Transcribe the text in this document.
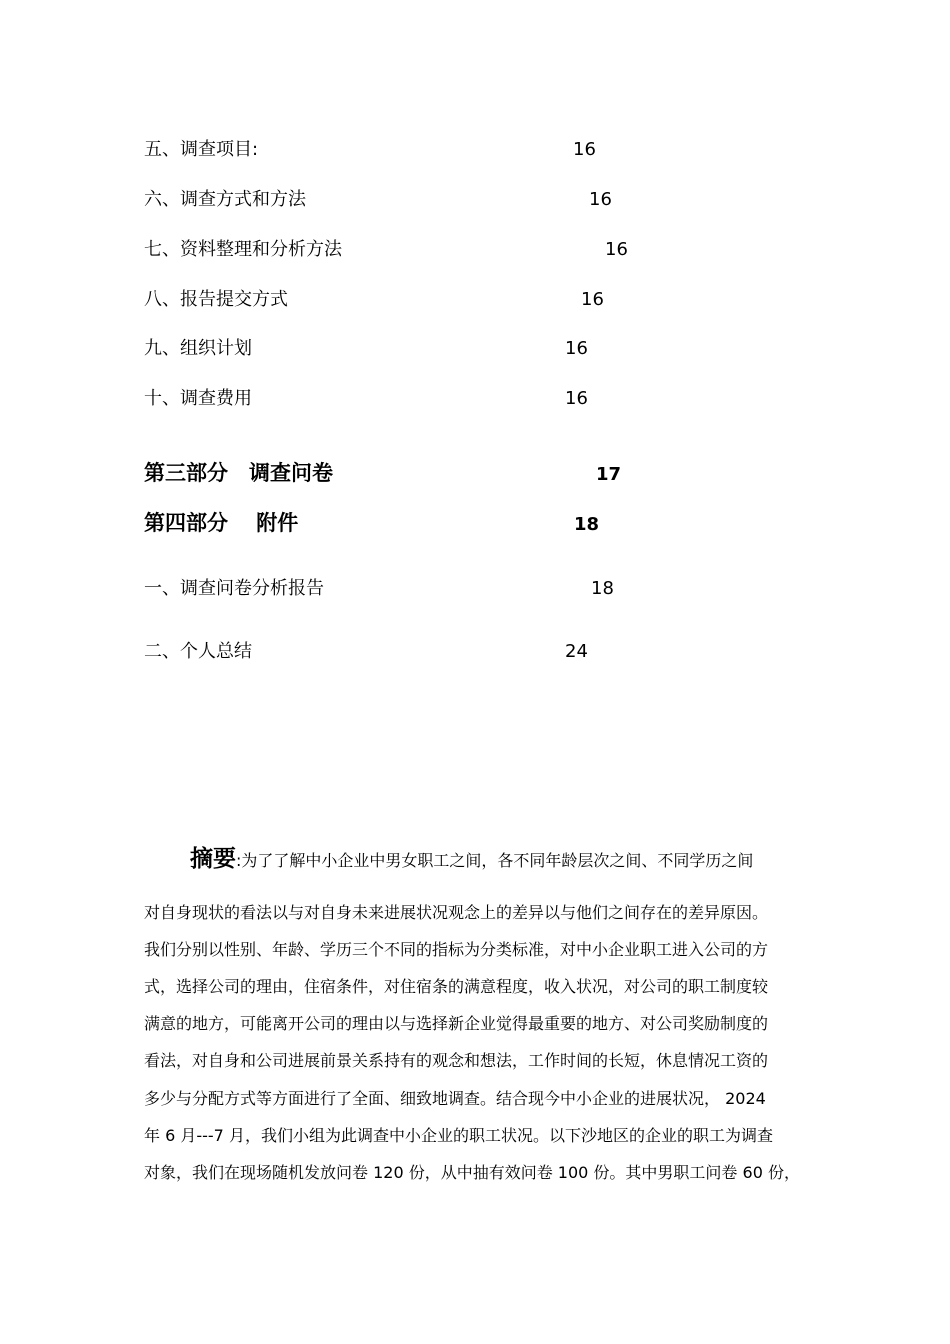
五、调查项目:	16
六、调查方式和方法	16
七、资料整理和分析方法	16
八、报告提交方式	16
九、组织计划	16
十、调查费用	16
第三部分　调查问卷	17
第四部分　 附件	18
一、调查问卷分析报告	18
二、个人总结	24
摘要:为了了解中小企业中男女职工之间，各不同年龄层次之间、不同学历之间
对自身现状的看法以与对自身未来进展状况观念上的差异以与他们之间存在的差异原因。
我们分别以性别、年龄、学历三个不同的指标为分类标准，对中小企业职工进入公司的方
式，选择公司的理由，住宿条件，对住宿条的满意程度，收入状况，对公司的职工制度较
满意的地方，可能离开公司的理由以与选择新企业觉得最重要的地方、对公司奖励制度的
看法，对自身和公司进展前景关系持有的观念和想法，工作时间的长短，休息情况工资的
多少与分配方式等方面进行了全面、细致地调查。结合现今中小企业的进展状况， 2024
年 6 月---7 月，我们小组为此调查中小企业的职工状况。以下沙地区的企业的职工为调查
对象，我们在现场随机发放问卷 120 份，从中抽有效问卷 100 份。其中男职工问卷 60 份，
